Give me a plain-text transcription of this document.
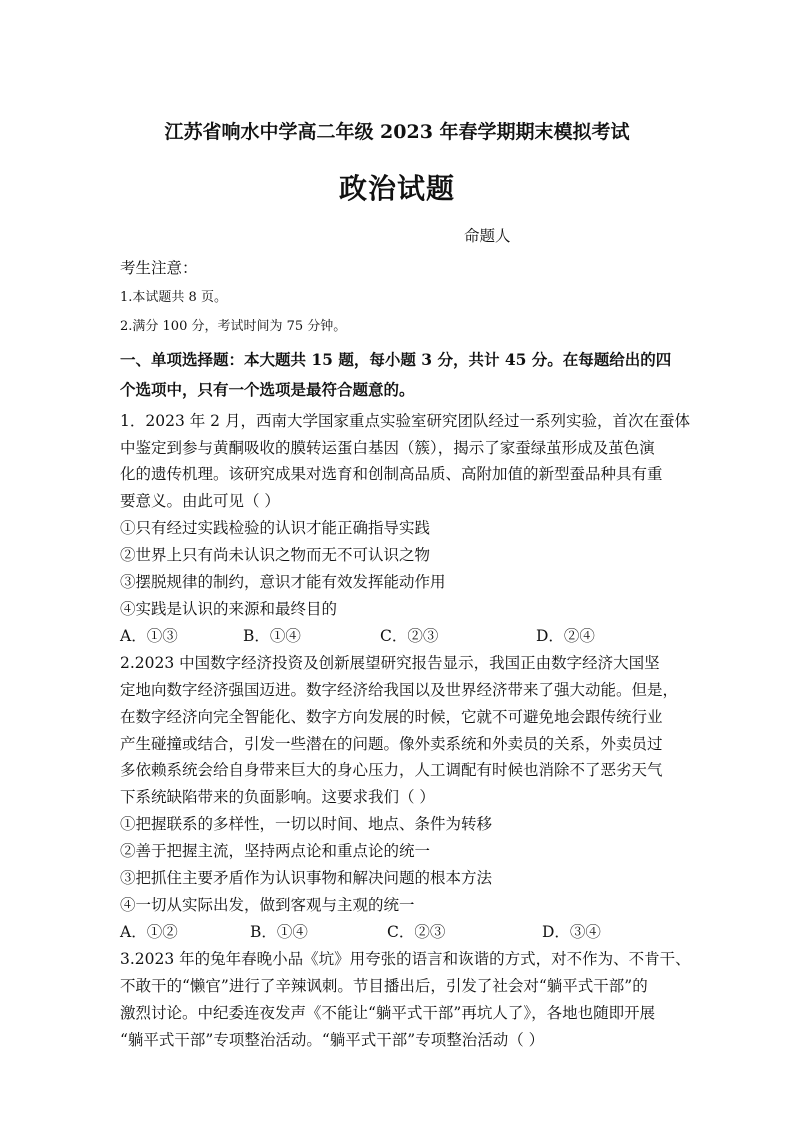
江苏省响水中学高二年级 2023 年春学期期末模拟考试
政治试题
命题人
考生注意：
1.本试题共 8 页。
2.满分 100 分，考试时间为 75 分钟。
一、单项选择题：本大题共 15 题，每小题 3 分，共计 45 分。在每题给出的四
个选项中，只有一个选项是最符合题意的。
1．2023 年 2 月，西南大学国家重点实验室研究团队经过一系列实验，首次在蚕体
中鉴定到参与黄酮吸收的膜转运蛋白基因（簇），揭示了家蚕绿茧形成及茧色演
化的遗传机理。该研究成果对选育和创制高品质、高附加值的新型蚕品种具有重
要意义。由此可见（ ）
①只有经过实践检验的认识才能正确指导实践
②世界上只有尚未认识之物而无不可认识之物
③摆脱规律的制约，意识才能有效发挥能动作用
④实践是认识的来源和最终目的
A．①③	B．①④	C．②③	D．②④
2.2023 中国数字经济投资及创新展望研究报告显示，我国正由数字经济大国坚
定地向数字经济强国迈进。数字经济给我国以及世界经济带来了强大动能。但是，
在数字经济向完全智能化、数字方向发展的时候，它就不可避免地会跟传统行业
产生碰撞或结合，引发一些潜在的问题。像外卖系统和外卖员的关系，外卖员过
多依赖系统会给自身带来巨大的身心压力，人工调配有时候也消除不了恶劣天气
下系统缺陷带来的负面影响。这要求我们（ ）
①把握联系的多样性，一切以时间、地点、条件为转移
②善于把握主流，坚持两点论和重点论的统一
③把抓住主要矛盾作为认识事物和解决问题的根本方法
④一切从实际出发，做到客观与主观的统一
A．①②	B．①④	C．②③	D．③④
3.2023 年的兔年春晚小品《坑》用夸张的语言和诙谐的方式，对不作为、不肯干、
不敢干的“懒官”进行了辛辣讽刺。节目播出后，引发了社会对“躺平式干部”的
激烈讨论。中纪委连夜发声《不能让“躺平式干部”再坑人了》，各地也随即开展
“躺平式干部”专项整治活动。“躺平式干部”专项整治活动（ ）
